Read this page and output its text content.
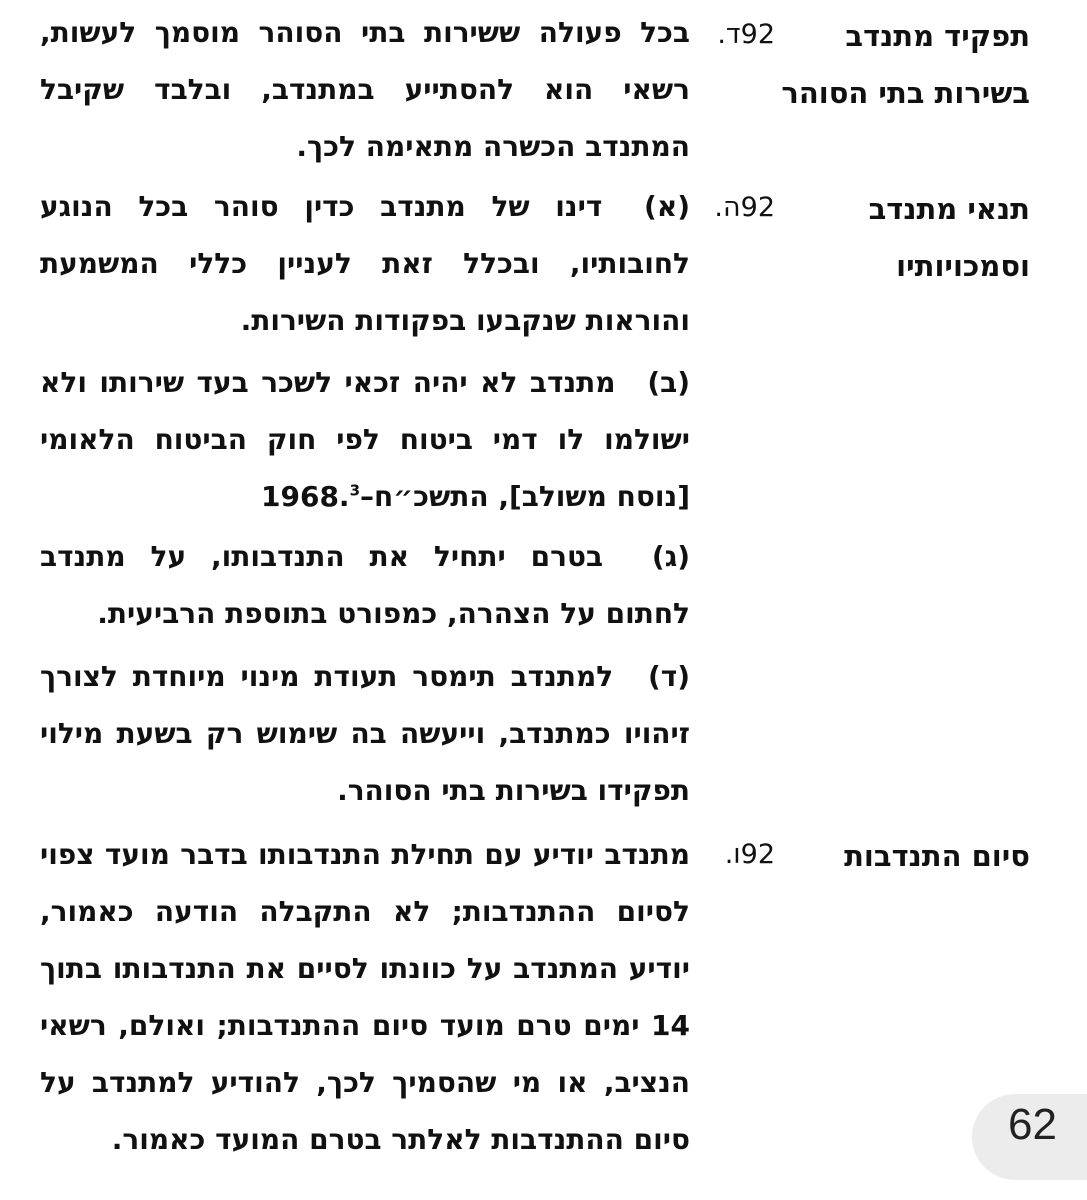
תפקיד מתנדב
בשירות בתי הסוהר
92ד.
בכל פעולה ששירות בתי הסוהר מוסמך לעשות, רשאי הוא להסתייע במתנדב, ובלבד שקיבל המתנדב הכשרה מתאימה לכך.
תנאי מתנדב
וסמכויותיו
92ה.
(א) דינו של מתנדב כדין סוהר בכל הנוגע לחובותיו, ובכלל זאת לעניין כללי המשמעת והוראות שנקבעו בפקודות השירות.
(ב) מתנדב לא יהיה זכאי לשכר בעד שירותו ולא ישולמו לו דמי ביטוח לפי חוק הביטוח הלאומי [נוסח משולב], התשכ״ח–1968.$^3$
(ג) בטרם יתחיל את התנדבותו, על מתנדב לחתום על הצהרה, כמפורט בתוספת הרביעית.
(ד) למתנדב תימסר תעודת מינוי מיוחדת לצורך זיהויו כמתנדב, וייעשה בה שימוש רק בשעת מילוי תפקידו בשירות בתי הסוהר.
סיום התנדבות
92ו.
מתנדב יודיע עם תחילת התנדבותו בדבר מועד צפוי לסיום ההתנדבות; לא התקבלה הודעה כאמור, יודיע המתנדב על כוונתו לסיים את התנדבותו בתוך 14 ימים טרם מועד סיום ההתנדבות; ואולם, רשאי הנציב, או מי שהסמיך לכך, להודיע למתנדב על סיום ההתנדבות לאלתר בטרם המועד כאמור.	62
